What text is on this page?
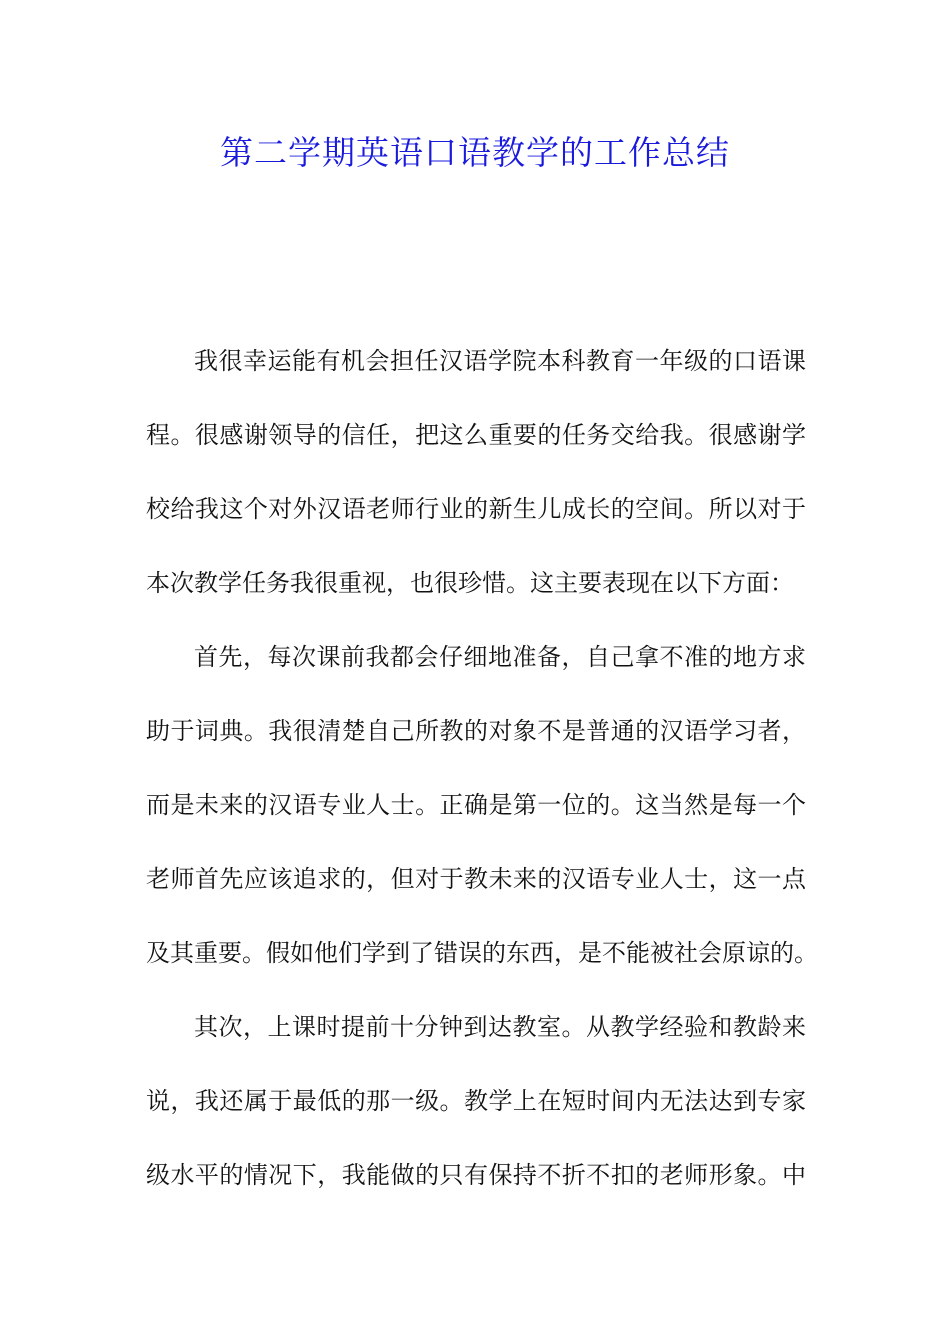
第二学期英语口语教学的工作总结
我很幸运能有机会担任汉语学院本科教育一年级的口语课
程。很感谢领导的信任，把这么重要的任务交给我。很感谢学
校给我这个对外汉语老师行业的新生儿成长的空间。所以对于
本次教学任务我很重视，也很珍惜。这主要表现在以下方面：
首先，每次课前我都会仔细地准备，自己拿不准的地方求
助于词典。我很清楚自己所教的对象不是普通的汉语学习者，
而是未来的汉语专业人士。正确是第一位的。这当然是每一个
老师首先应该追求的，但对于教未来的汉语专业人士，这一点
及其重要。假如他们学到了错误的东西，是不能被社会原谅的。
其次，上课时提前十分钟到达教室。从教学经验和教龄来
说，我还属于最低的那一级。教学上在短时间内无法达到专家
级水平的情况下，我能做的只有保持不折不扣的老师形象。中
